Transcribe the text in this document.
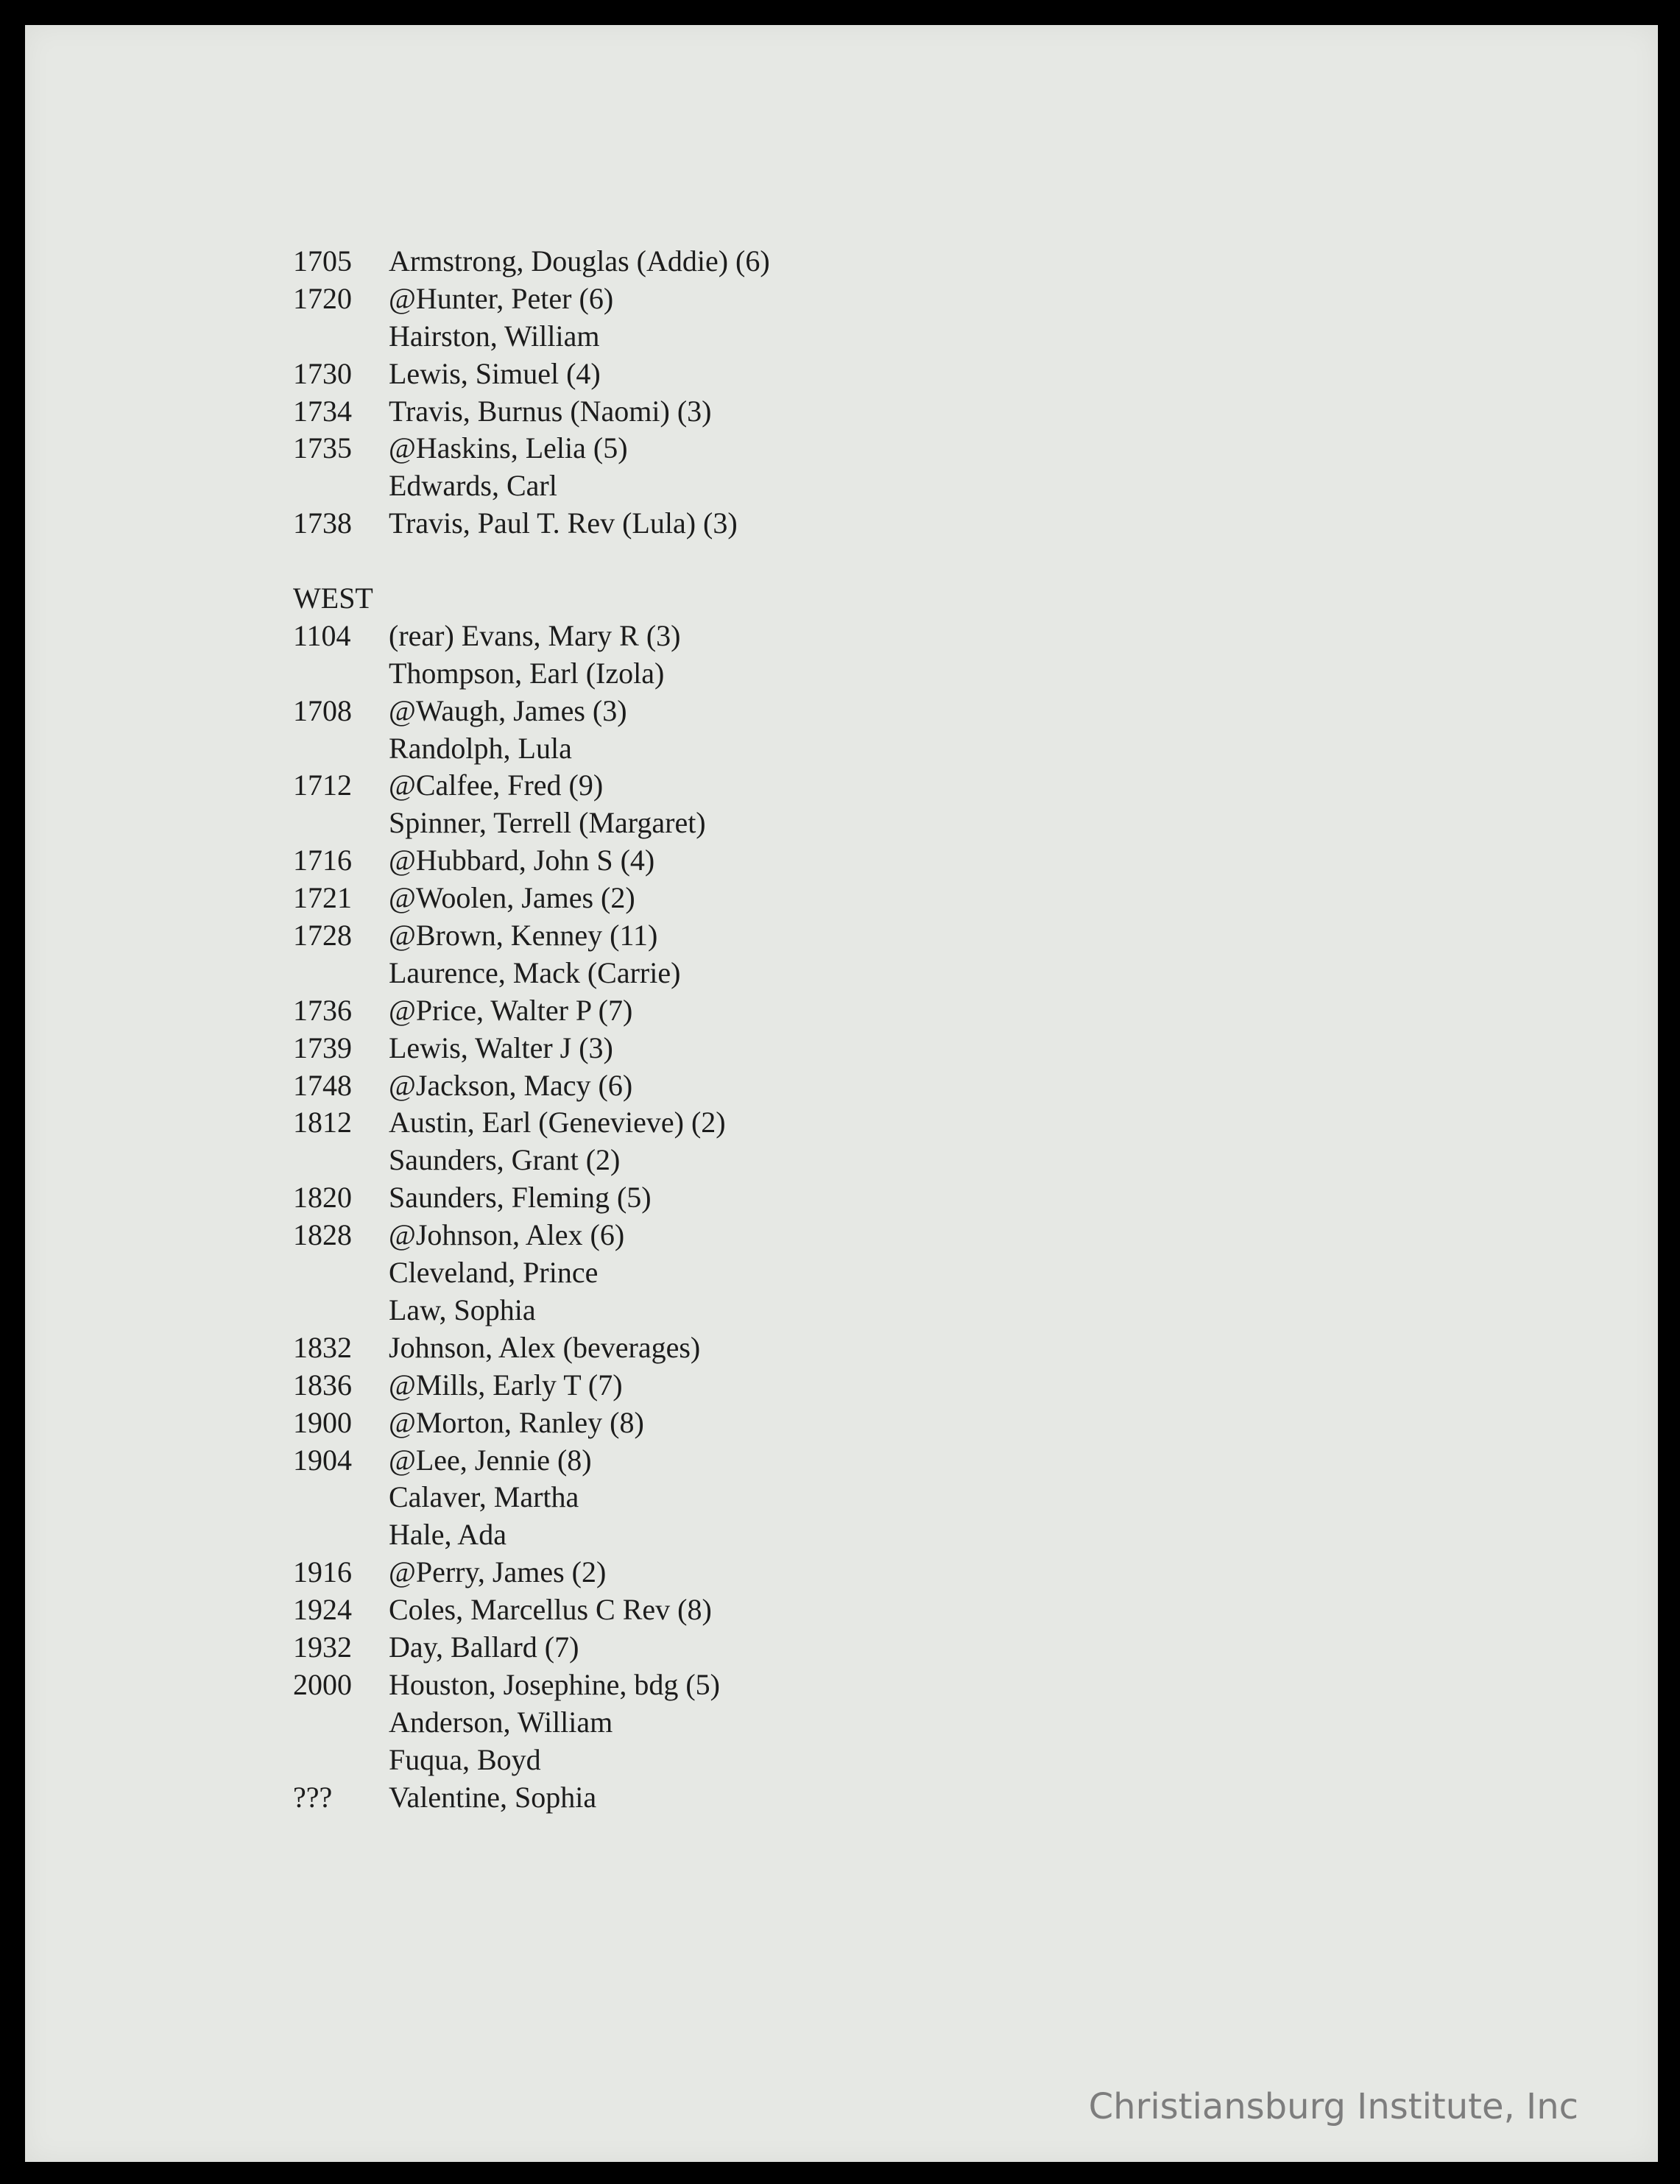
1705	Armstrong, Douglas (Addie) (6)
1720	@Hunter, Peter (6)
Hairston, William
1730	Lewis, Simuel (4)
1734	Travis, Burnus (Naomi) (3)
1735	@Haskins, Lelia (5)
Edwards, Carl
1738	Travis, Paul T. Rev (Lula) (3)
WEST
1104	(rear) Evans, Mary R (3)
Thompson, Earl (Izola)
1708	@Waugh, James (3)
Randolph, Lula
1712	@Calfee, Fred (9)
Spinner, Terrell (Margaret)
1716	@Hubbard, John S (4)
1721	@Woolen, James (2)
1728	@Brown, Kenney (11)
Laurence, Mack (Carrie)
1736	@Price, Walter P (7)
1739	Lewis, Walter J (3)
1748	@Jackson, Macy (6)
1812	Austin, Earl (Genevieve) (2)
Saunders, Grant (2)
1820	Saunders, Fleming (5)
1828	@Johnson, Alex (6)
Cleveland, Prince
Law, Sophia
1832	Johnson, Alex (beverages)
1836	@Mills, Early T (7)
1900	@Morton, Ranley (8)
1904	@Lee, Jennie (8)
Calaver, Martha
Hale, Ada
1916	@Perry, James (2)
1924	Coles, Marcellus C Rev (8)
1932	Day, Ballard (7)
2000	Houston, Josephine, bdg (5)
Anderson, William
Fuqua, Boyd
???	Valentine, Sophia
Christiansburg Institute, Inc
